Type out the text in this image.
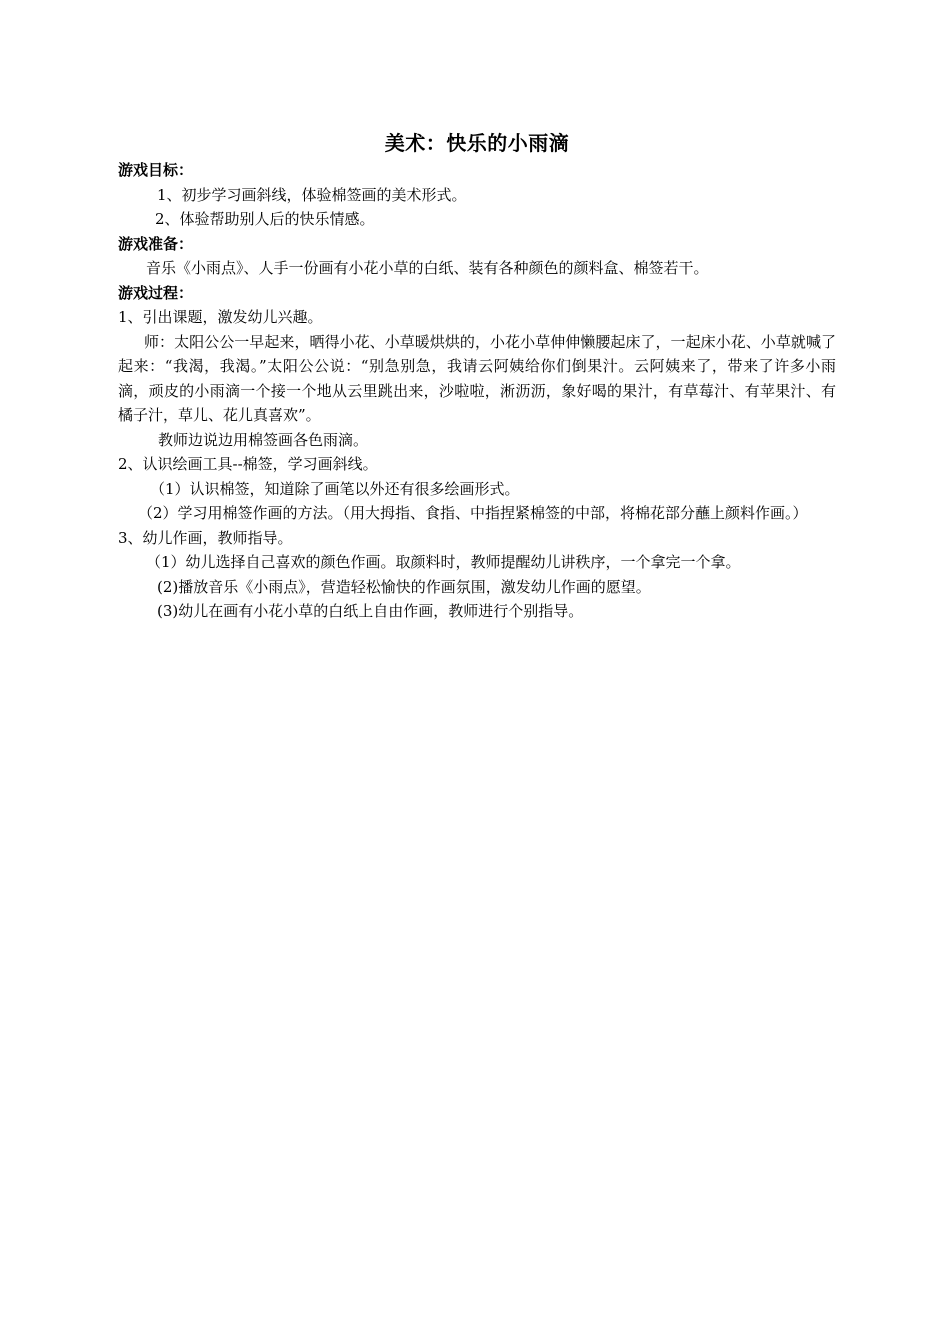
美术：快乐的小雨滴
游戏目标：

1、初步学习画斜线，体验棉签画的美术形式。

2、体验帮助别人后的快乐情感。

游戏准备：

音乐《小雨点》、人手一份画有小花小草的白纸、装有各种颜色的颜料盒、棉签若干。

游戏过程：

1、引出课题，激发幼儿兴趣。

师：太阳公公一早起来，晒得小花、小草暖烘烘的，小花小草伸伸懒腰起床了，一起床小花、小草就喊了起来：“我渴，我渴。”太阳公公说：“别急别急，我请云阿姨给你们倒果汁。云阿姨来了，带来了许多小雨滴，顽皮的小雨滴一个接一个地从云里跳出来，沙啦啦，淅沥沥，象好喝的果汁，有草莓汁、有苹果汁、有橘子汁，草儿、花儿真喜欢”。

教师边说边用棉签画各色雨滴。

2、认识绘画工具--棉签，学习画斜线。

（1）认识棉签，知道除了画笔以外还有很多绘画形式。

（2）学习用棉签作画的方法。（用大拇指、食指、中指捏紧棉签的中部，将棉花部分蘸上颜料作画。）

3、幼儿作画，教师指导。

（1）幼儿选择自己喜欢的颜色作画。取颜料时，教师提醒幼儿讲秩序，一个拿完一个拿。

(2)播放音乐《小雨点》，营造轻松愉快的作画氛围，激发幼儿作画的愿望。

(3)幼儿在画有小花小草的白纸上自由作画，教师进行个别指导。
